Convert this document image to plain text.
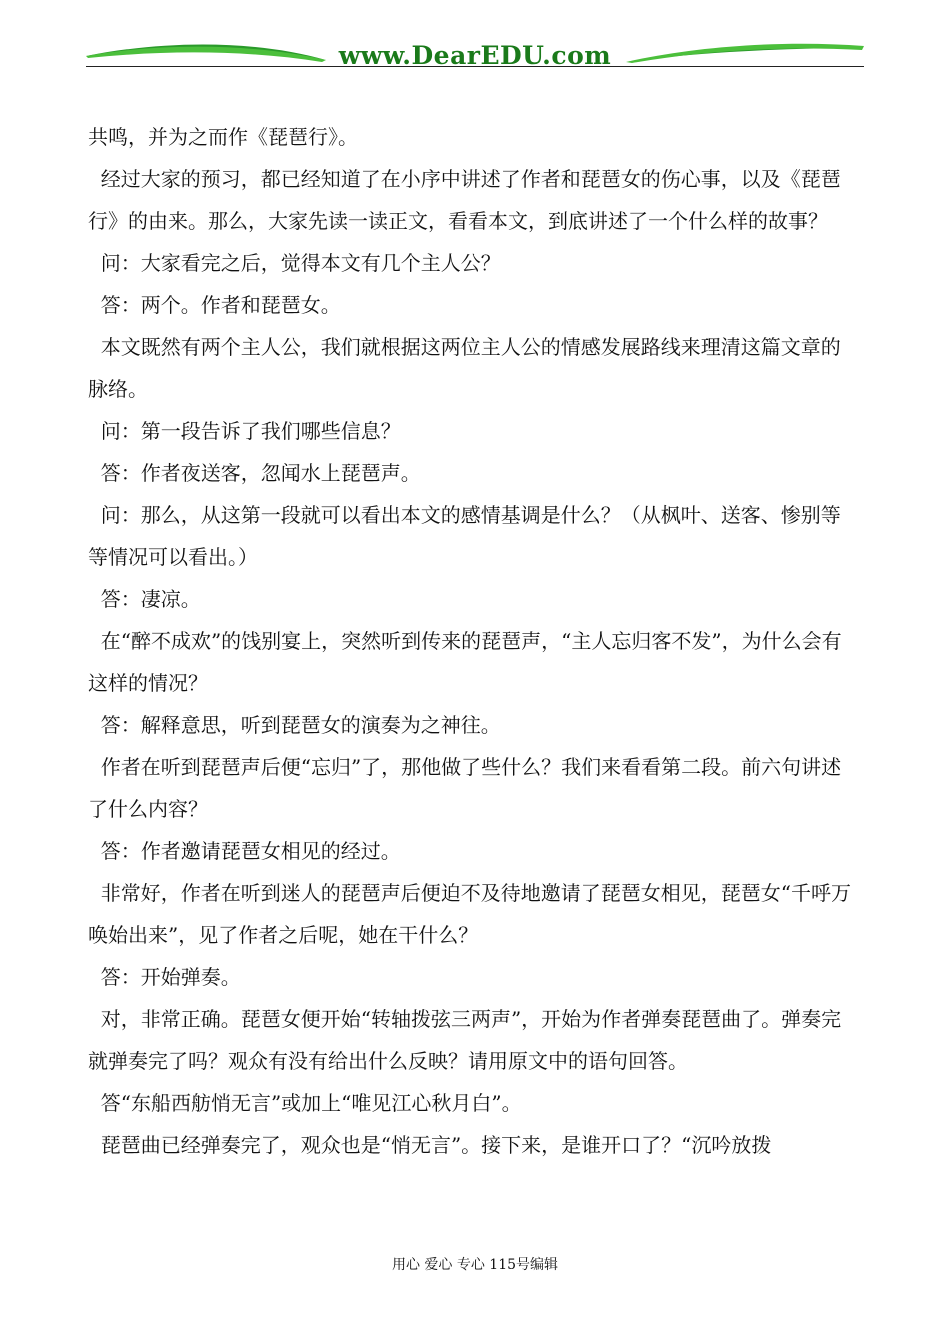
www.DearEDU.com

共鸣，并为之而作《琵琶行》。

经过大家的预习，都已经知道了在小序中讲述了作者和琵琶女的伤心事，以及《琵琶行》的由来。那么，大家先读一读正文，看看本文，到底讲述了一个什么样的故事？

问：大家看完之后，觉得本文有几个主人公？

答：两个。作者和琵琶女。

本文既然有两个主人公，我们就根据这两位主人公的情感发展路线来理清这篇文章的脉络。

问：第一段告诉了我们哪些信息？

答：作者夜送客，忽闻水上琵琶声。

问：那么，从这第一段就可以看出本文的感情基调是什么？（从枫叶、送客、惨别等等情况可以看出。）

答：凄凉。

在“醉不成欢”的饯别宴上，突然听到传来的琵琶声，“主人忘归客不发”，为什么会有这样的情况？

答：解释意思，听到琵琶女的演奏为之神往。

作者在听到琵琶声后便“忘归”了，那他做了些什么？我们来看看第二段。前六句讲述了什么内容？

答：作者邀请琵琶女相见的经过。

非常好，作者在听到迷人的琵琶声后便迫不及待地邀请了琵琶女相见，琵琶女“千呼万唤始出来”，见了作者之后呢，她在干什么？

答：开始弹奏。

对，非常正确。琵琶女便开始“转轴拨弦三两声”，开始为作者弹奏琵琶曲了。弹奏完就弹奏完了吗？观众有没有给出什么反映？请用原文中的语句回答。

答“东船西舫悄无言”或加上“唯见江心秋月白”。

琵琶曲已经弹奏完了，观众也是“悄无言”。接下来，是谁开口了？“沉吟放拨

用心 爱心 专心 115号编辑
